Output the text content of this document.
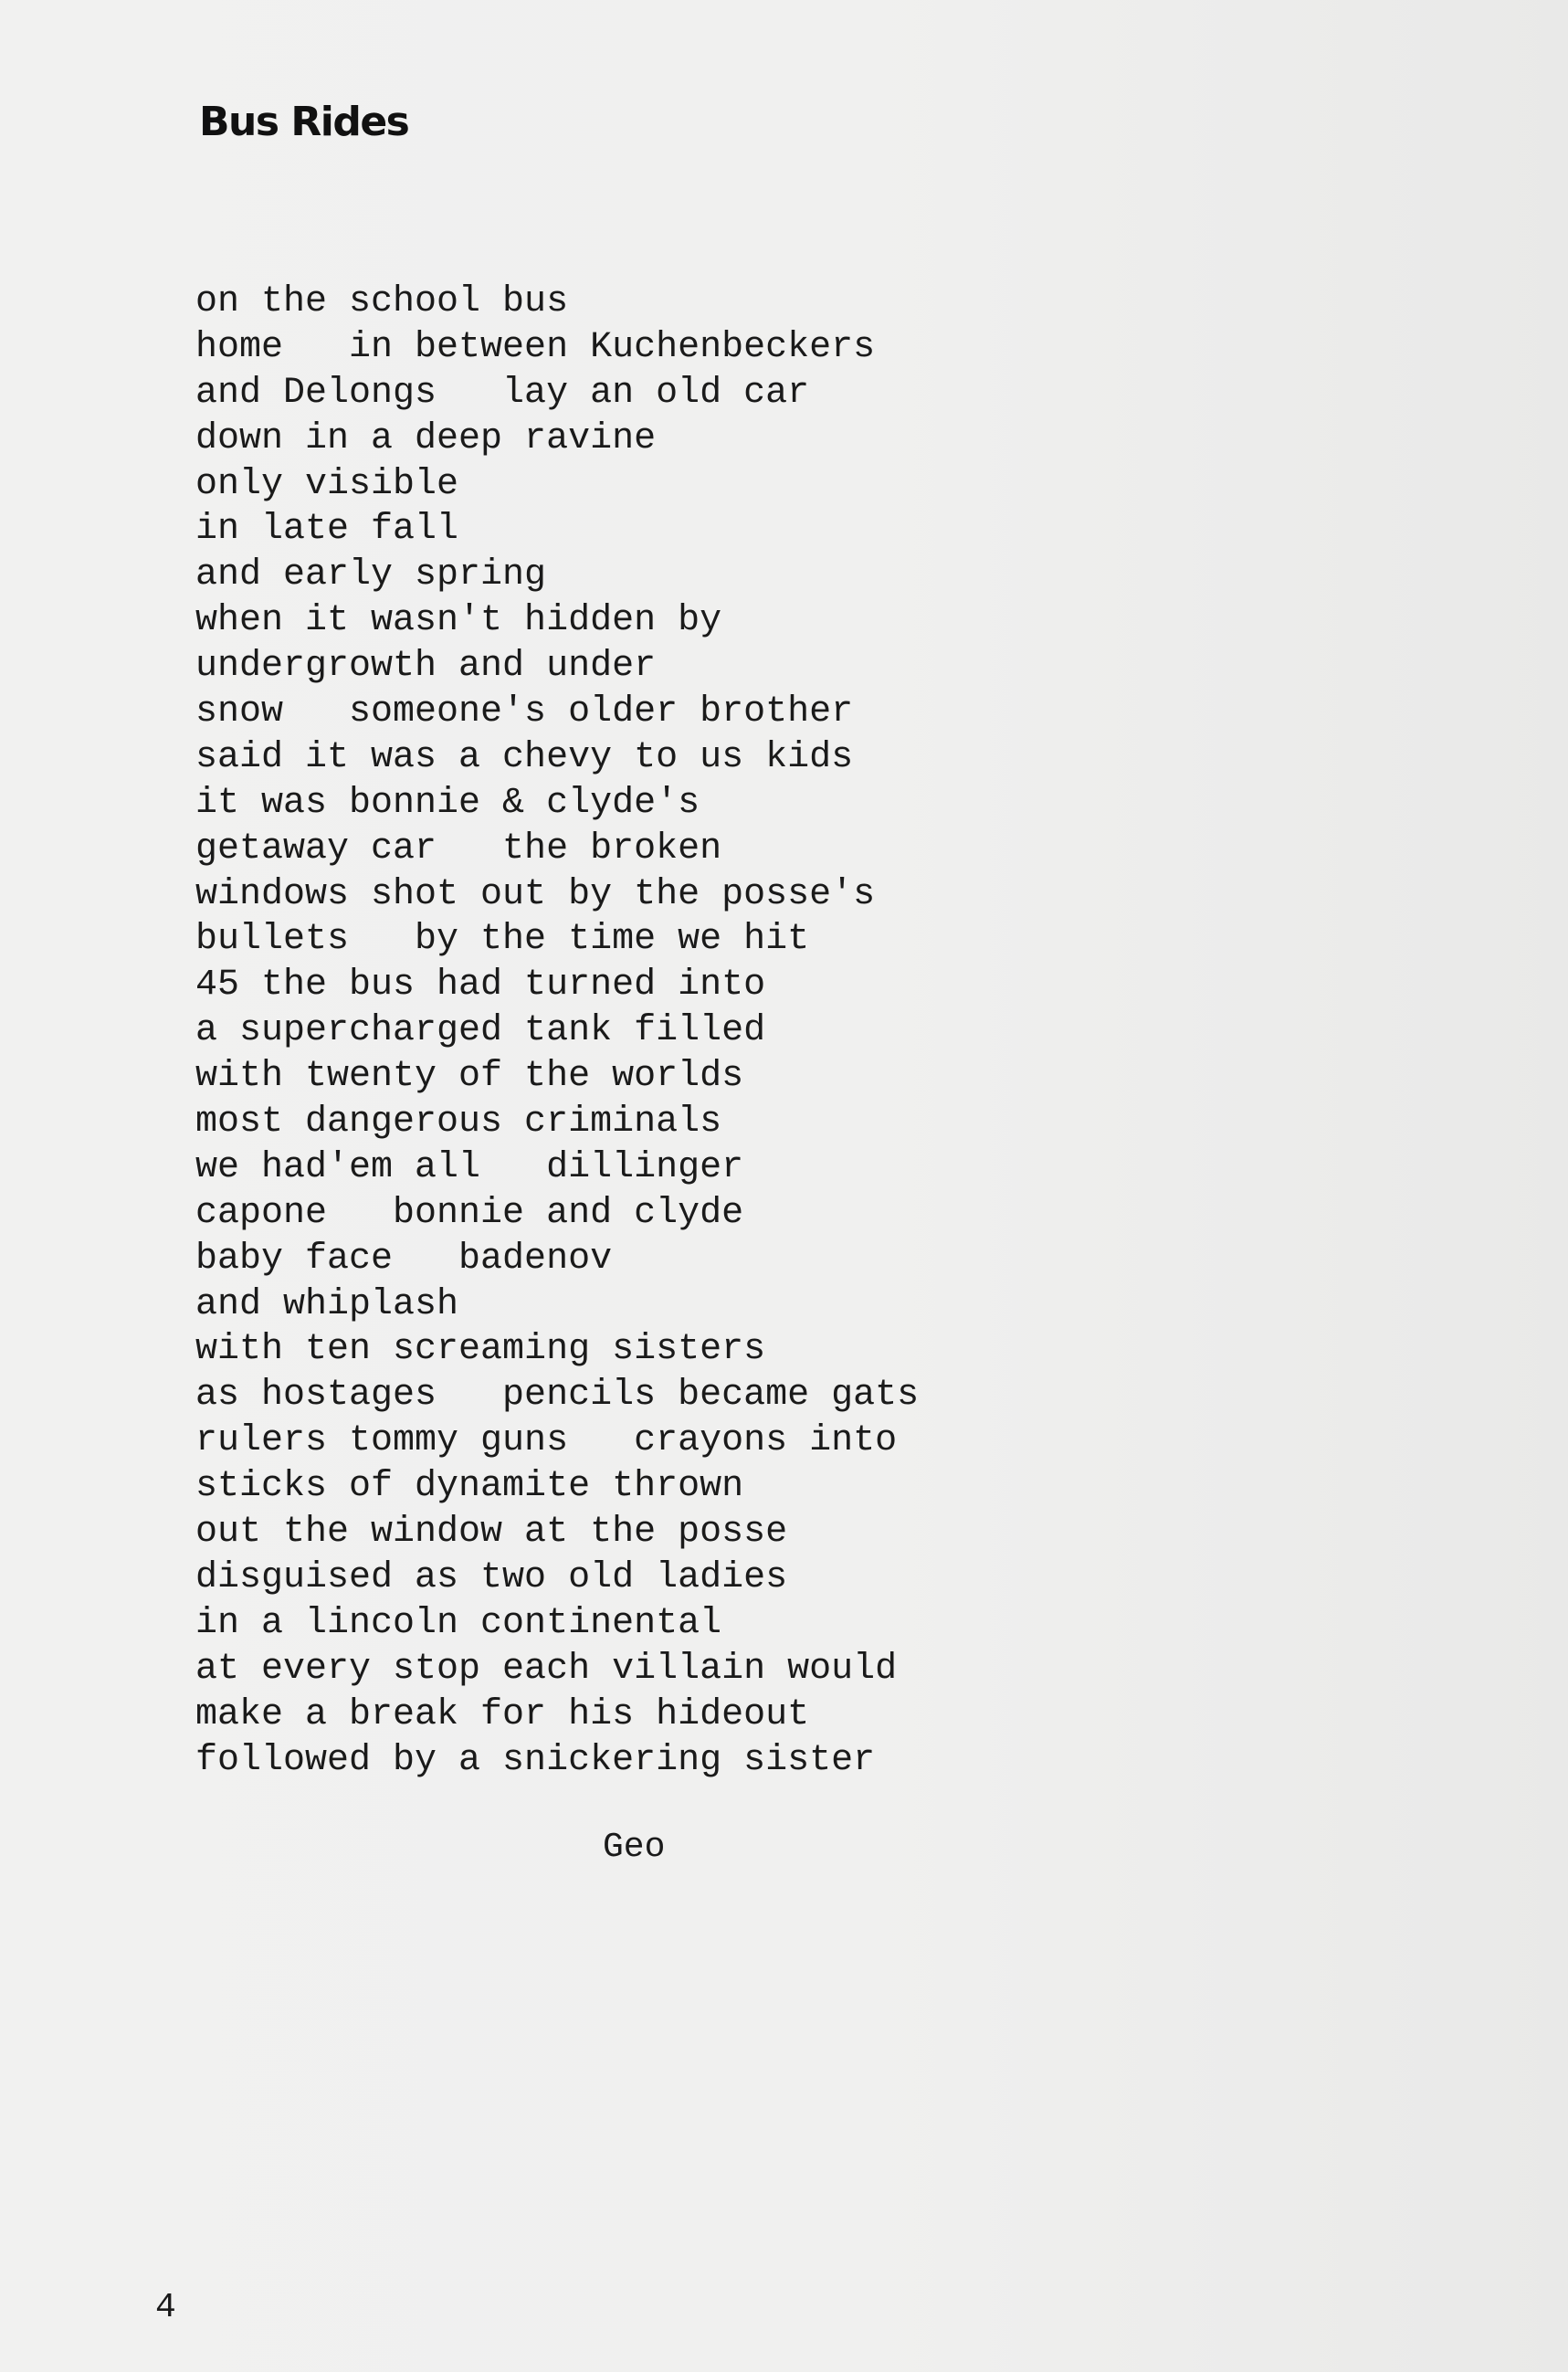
Bus Rides
on the school bus
home   in between Kuchenbeckers
and Delongs   lay an old car
down in a deep ravine
only visible
in late fall
and early spring
when it wasn't hidden by
undergrowth and under
snow   someone's older brother
said it was a chevy to us kids
it was bonnie & clyde's
getaway car   the broken
windows shot out by the posse's
bullets   by the time we hit
45 the bus had turned into
a supercharged tank filled
with twenty of the worlds
most dangerous criminals
we had'em all   dillinger
capone   bonnie and clyde
baby face   badenov
and whiplash
with ten screaming sisters
as hostages   pencils became gats
rulers tommy guns   crayons into
sticks of dynamite thrown
out the window at the posse
disguised as two old ladies
in a lincoln continental
at every stop each villain would
make a break for his hideout
followed by a snickering sister
Geo
4
